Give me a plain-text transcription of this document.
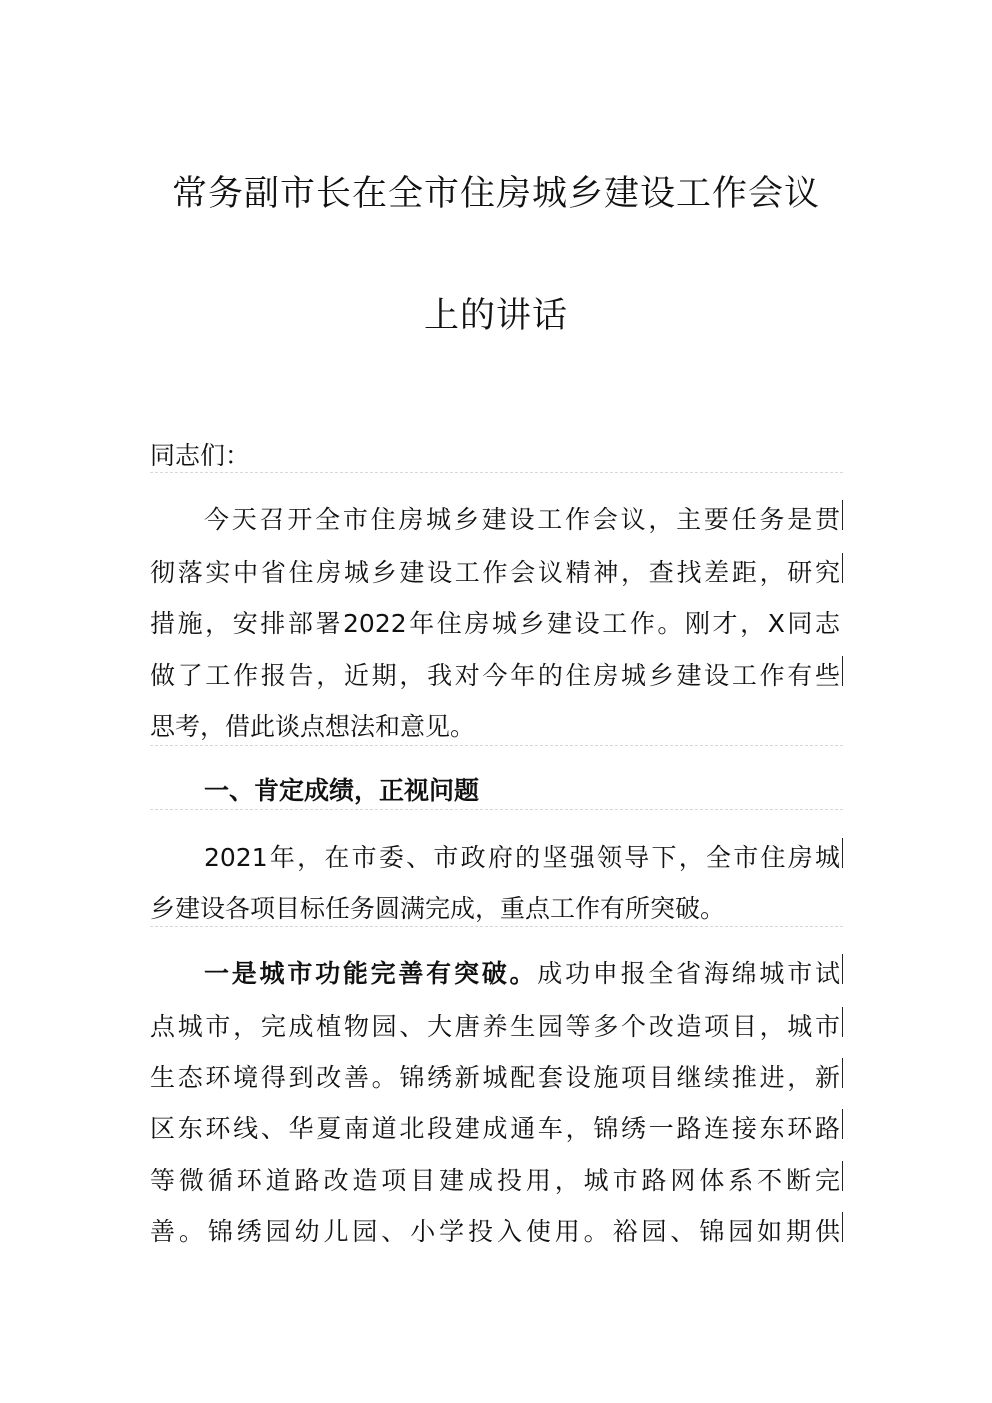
常务副市长在全市住房城乡建设工作会议
上的讲话
同志们：
今天召开全市住房城乡建设工作会议，主要任务是贯
彻落实中省住房城乡建设工作会议精神，查找差距，研究
措施，安排部署2022年住房城乡建设工作。刚才，X同志
做了工作报告，近期，我对今年的住房城乡建设工作有些
思考，借此谈点想法和意见。
一、肯定成绩，正视问题
2021年，在市委、市政府的坚强领导下，全市住房城
乡建设各项目标任务圆满完成，重点工作有所突破。
一是城市功能完善有突破。成功申报全省海绵城市试
点城市，完成植物园、大唐养生园等多个改造项目，城市
生态环境得到改善。锦绣新城配套设施项目继续推进，新
区东环线、华夏南道北段建成通车，锦绣一路连接东环路
等微循环道路改造项目建成投用，城市路网体系不断完
善。锦绣园幼儿园、小学投入使用。裕园、锦园如期供
